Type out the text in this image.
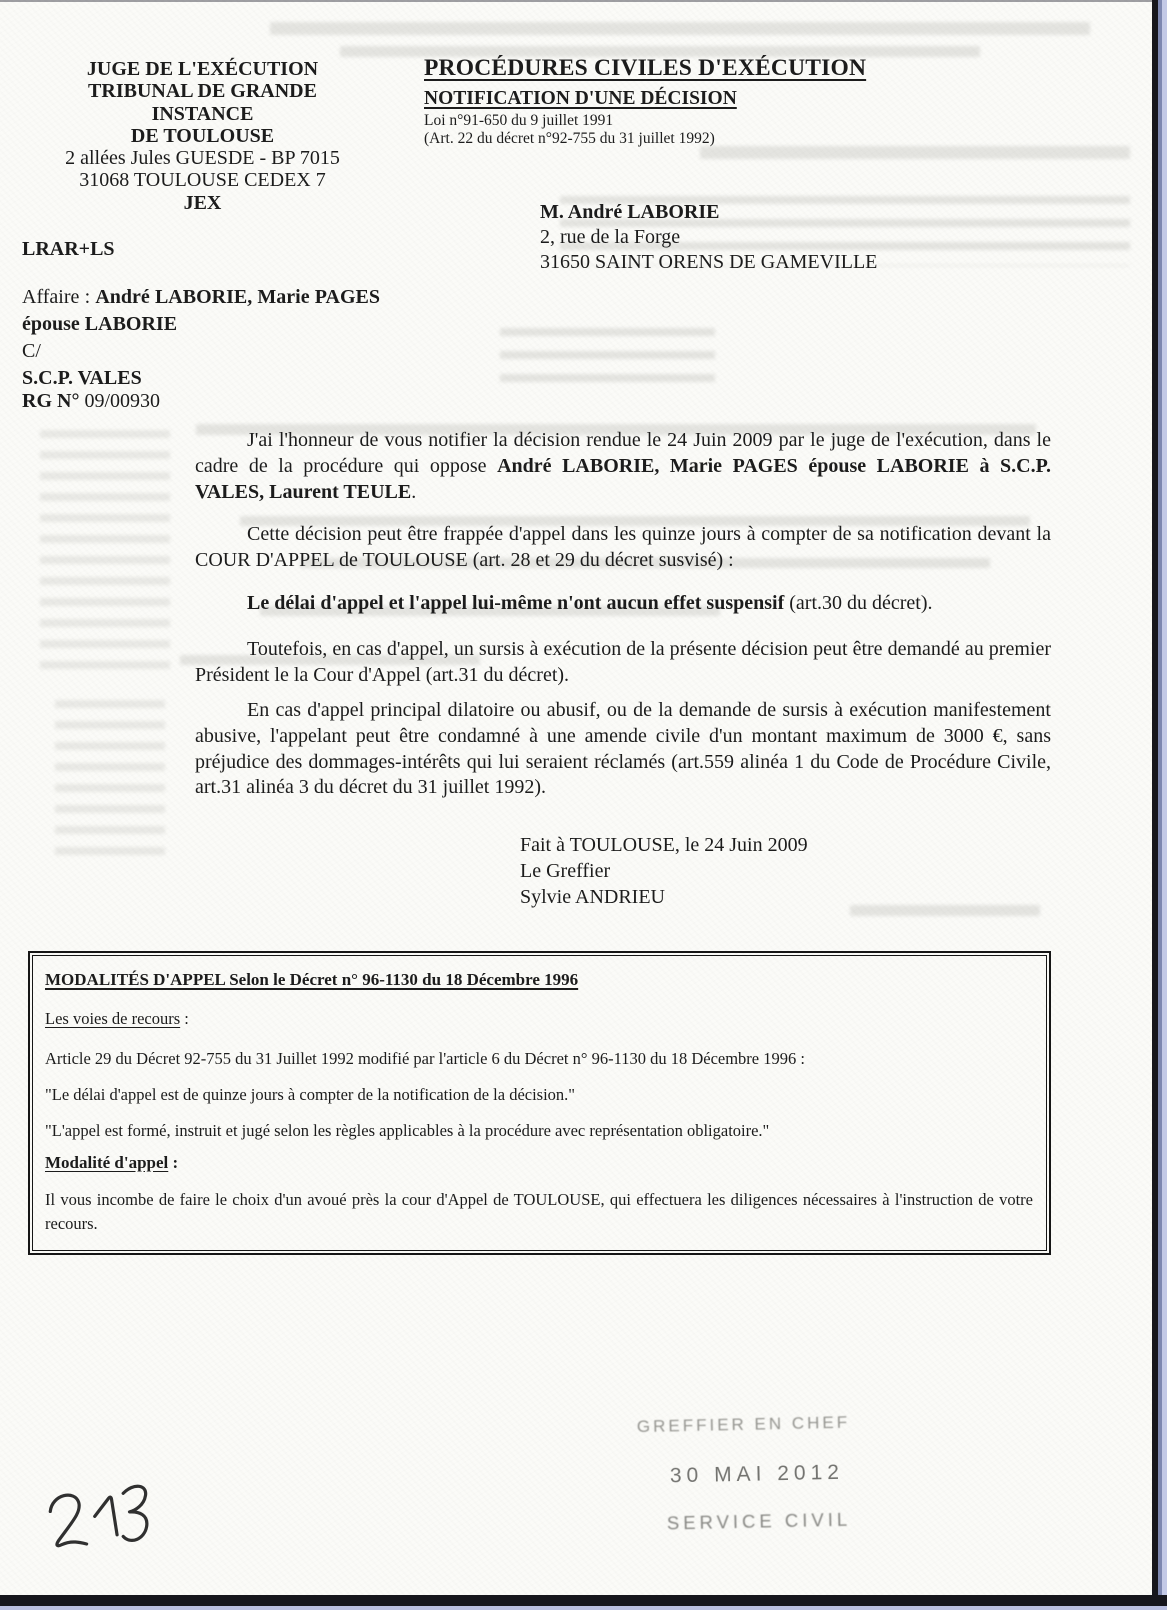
JUGE DE L'EXÉCUTION
TRIBUNAL DE GRANDE
INSTANCE
DE TOULOUSE
2 allées Jules GUESDE - BP 7015
31068 TOULOUSE CEDEX 7
JEX
LRAR+LS
Affaire : André LABORIE, Marie PAGES épouse LABORIE
C/
S.C.P. VALES
RG N° 09/00930
PROCÉDURES CIVILES D'EXÉCUTION
NOTIFICATION D'UNE DÉCISION
Loi n°91-650 du 9 juillet 1991
(Art. 22 du décret n°92-755 du 31 juillet 1992)
M. André LABORIE
2, rue de la Forge
31650 SAINT ORENS DE GAMEVILLE
J'ai l'honneur de vous notifier la décision rendue le 24 Juin 2009 par le juge de l'exécution, dans le cadre de la procédure qui oppose André LABORIE, Marie PAGES épouse LABORIE à S.C.P. VALES, Laurent TEULE.
Cette décision peut être frappée d'appel dans les quinze jours à compter de sa notification devant la COUR D'APPEL de TOULOUSE (art. 28 et 29 du décret susvisé) :
Le délai d'appel et l'appel lui-même n'ont aucun effet suspensif (art.30 du décret).
Toutefois, en cas d'appel, un sursis à exécution de la présente décision peut être demandé au premier Président le la Cour d'Appel (art.31 du décret).
En cas d'appel principal dilatoire ou abusif, ou de la demande de sursis à exécution manifestement abusive, l'appelant peut être condamné à une amende civile d'un montant maximum de 3000 €, sans préjudice des dommages-intérêts qui lui seraient réclamés (art.559 alinéa 1 du Code de Procédure Civile, art.31 alinéa 3 du décret du 31 juillet 1992).
Fait à TOULOUSE, le 24 Juin 2009
Le Greffier
Sylvie ANDRIEU
MODALITÉS D'APPEL Selon le Décret n° 96-1130 du 18 Décembre 1996
Les voies de recours :
Article 29 du Décret 92-755 du 31 Juillet 1992 modifié par l'article 6 du Décret n° 96-1130 du 18 Décembre 1996 :
"Le délai d'appel est de quinze jours à compter de la notification de la décision."
"L'appel est formé, instruit et jugé selon les règles applicables à la procédure avec représentation obligatoire."
Modalité d'appel :
Il vous incombe de faire le choix d'un avoué près la cour d'Appel de TOULOUSE, qui effectuera les diligences nécessaires à l'instruction de votre recours.
GREFFIER EN CHEF
30 MAI 2012
SERVICE CIVIL
